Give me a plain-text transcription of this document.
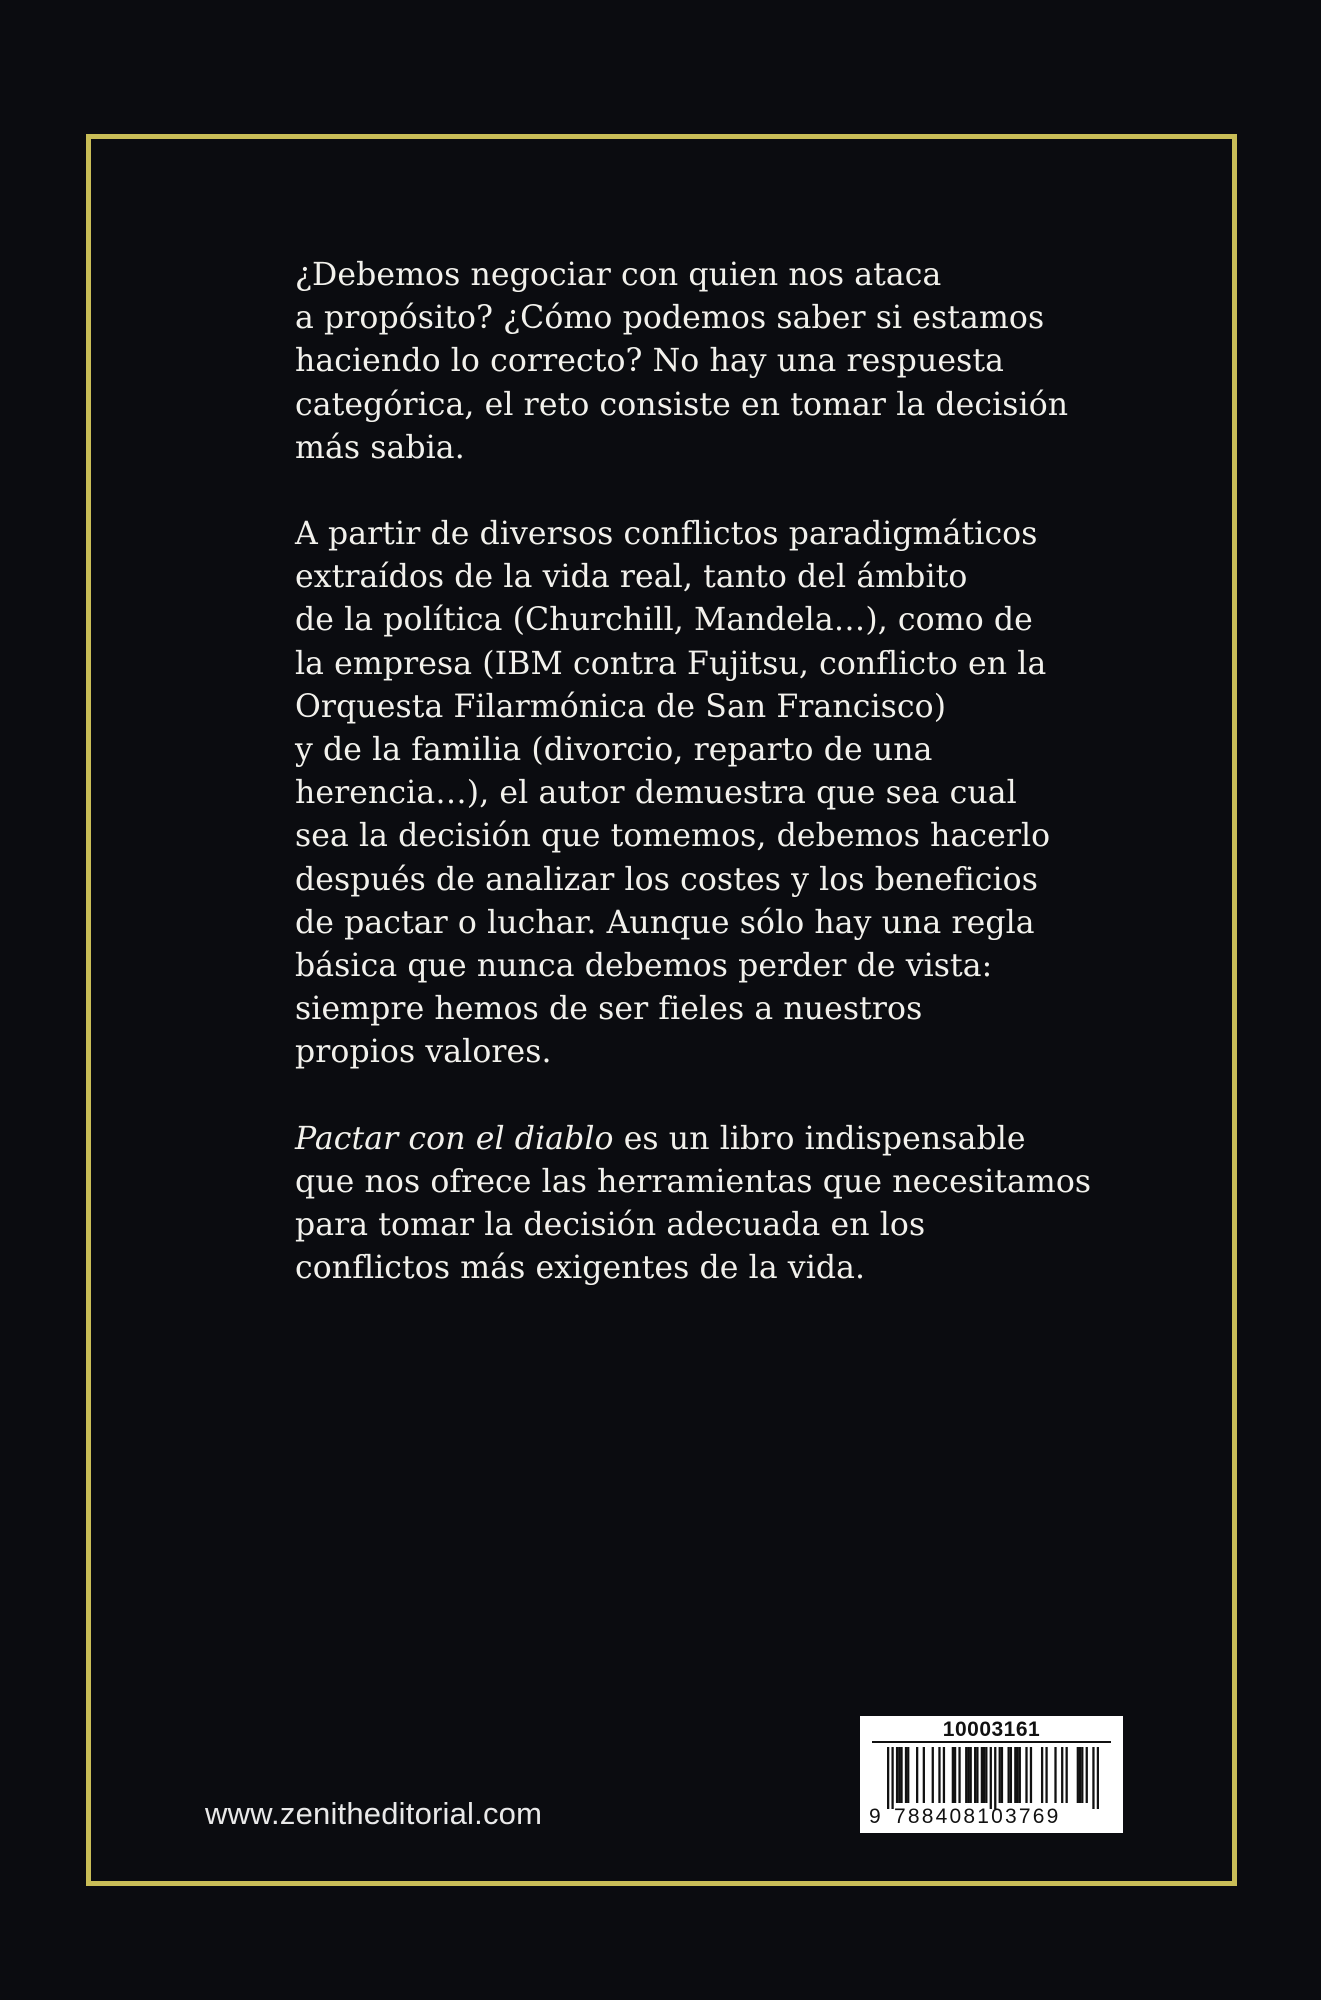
¿Debemos negociar con quien nos ataca
a propósito? ¿Cómo podemos saber si estamos
haciendo lo correcto? No hay una respuesta
categórica, el reto consiste en tomar la decisión
más sabia.
A partir de diversos conflictos paradigmáticos
extraídos de la vida real, tanto del ámbito
de la política (Churchill, Mandela…), como de
la empresa (IBM contra Fujitsu, conflicto en la
Orquesta Filarmónica de San Francisco)
y de la familia (divorcio, reparto de una
herencia…), el autor demuestra que sea cual
sea la decisión que tomemos, debemos hacerlo
después de analizar los costes y los beneficios
de pactar o luchar. Aunque sólo hay una regla
básica que nunca debemos perder de vista:
siempre hemos de ser fieles a nuestros
propios valores.
Pactar con el diablo es un libro indispensable
que nos ofrece las herramientas que necesitamos
para tomar la decisión adecuada en los
conflictos más exigentes de la vida.
www.zenitheditorial.com
10003161
9 788408103769
